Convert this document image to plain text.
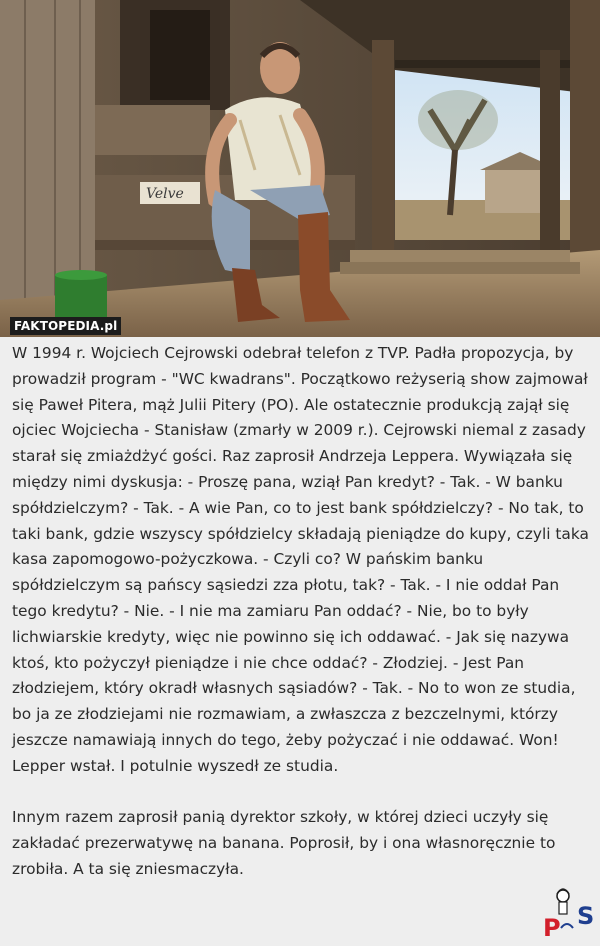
Velve
FAKTOPEDIA.pl

W 1994 r. Wojciech Cejrowski odebrał telefon z TVP. Padła propozycja, by prowadził program - "WC kwadrans". Początkowo reżyserią show zajmował się Paweł Pitera, mąż Julii Pitery (PO). Ale ostatecznie produkcją zajął się ojciec Wojciecha - Stanisław (zmarły w 2009 r.). Cejrowski niemal z zasady starał się zmiażdżyć gości. Raz zaprosił Andrzeja Leppera. Wywiązała się między nimi dyskusja: - Proszę pana, wziął Pan kredyt? - Tak. - W banku spółdzielczym? - Tak. - A wie Pan, co to jest bank spółdzielczy? - No tak, to taki bank, gdzie wszyscy spółdzielcy składają pieniądze do kupy, czyli taka kasa zapomogowo-pożyczkowa. - Czyli co? W pańskim banku spółdzielczym są pańscy sąsiedzi zza płotu, tak? - Tak. - I nie oddał Pan tego kredytu? - Nie. - I nie ma zamiaru Pan oddać? - Nie, bo to były lichwiarskie kredyty, więc nie powinno się ich oddawać. - Jak się nazywa ktoś, kto pożyczył pieniądze i nie chce oddać? - Złodziej. - Jest Pan złodziejem, który okradł własnych sąsiadów? - Tak. - No to won ze studia, bo ja ze złodziejami nie rozmawiam, a zwłaszcza z bezczelnymi, którzy jeszcze namawiają innych do tego, żeby pożyczać i nie oddawać. Won! Lepper wstał. I potulnie wyszedł ze studia.

Innym razem zaprosił panią dyrektor szkoły, w której dzieci uczyły się zakładać prezerwatywę na banana. Poprosił, by i ona własnoręcznie to zrobiła. A ta się zniesmaczyła.

P S
